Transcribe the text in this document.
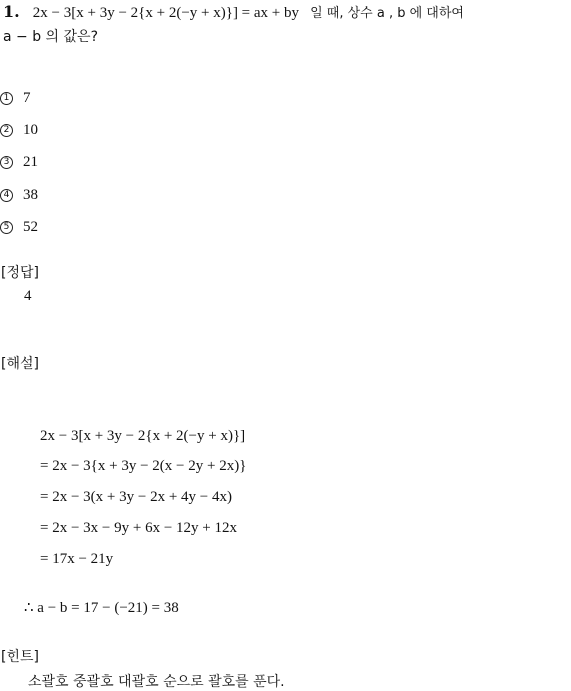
1. 2x − 3[x + 3y − 2{x + 2(−y + x)}] = ax + by 일 때, 상수 a , b 에 대하여
a − b 의 값은?
1 7
2 10
3 21
4 38
5 52
[정답]
4
[해설]
2x − 3[x + 3y − 2{x + 2(−y + x)}]
= 2x − 3{x + 3y − 2(x − 2y + 2x)}
= 2x − 3(x + 3y − 2x + 4y − 4x)
= 2x − 3x − 9y + 6x − 12y + 12x
= 17x − 21y
∴ a − b = 17 − (−21) = 38
[힌트]
소괄호 중괄호 대괄호 순으로 괄호를 푼다.
